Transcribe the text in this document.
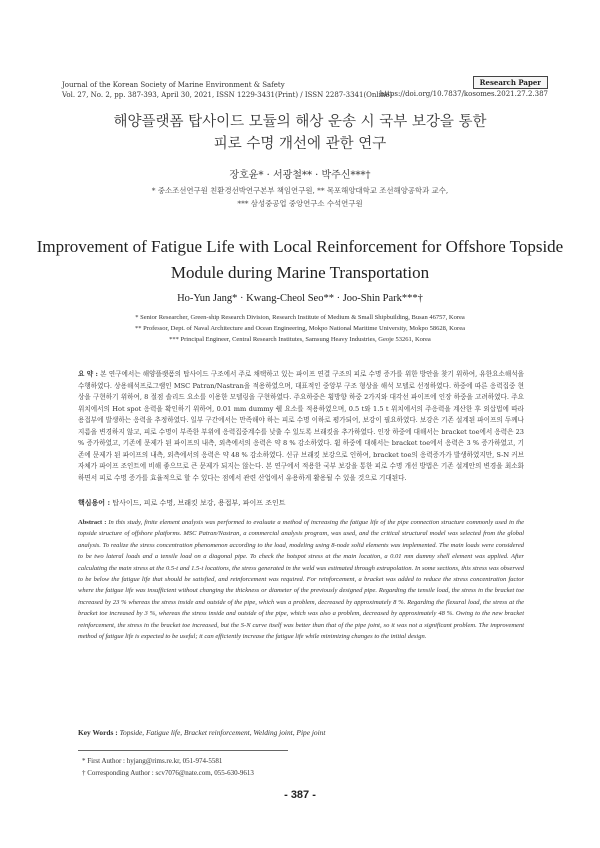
Journal of the Korean Society of Marine Environment & Safety
Vol. 27, No. 2, pp. 387-393, April 30, 2021, ISSN 1229-3431(Print) / ISSN 2287-3341(Online)
Research Paper
https://doi.org/10.7837/kosomes.2021.27.2.387
해양플랫폼 탑사이드 모듈의 해상 운송 시 국부 보강을 통한
피로 수명 개선에 관한 연구
장호윤* · 서광철** · 박주신***†
* 중소조선연구원 친환경선박연구본부 책임연구원, ** 목포해양대학교 조선해양공학과 교수,
*** 삼성중공업 중앙연구소 수석연구원
Improvement of Fatigue Life with Local Reinforcement for Offshore Topside
Module during Marine Transportation
Ho-Yun Jang* · Kwang-Cheol Seo** · Joo-Shin Park***†
* Senior Researcher, Green-ship Research Division, Research Institute of Medium & Small Shipbuilding, Busan 46757, Korea
** Professor, Dept. of Naval Architecture and Ocean Engineering, Mokpo National Maritime University, Mokpo 58628, Korea
*** Principal Engineer, Central Research Institutes, Samsung Heavy Industries, Geoje 53261, Korea
요 약 : 본 연구에서는 해양플랫폼의 탑사이드 구조에서 주로 채택하고 있는 파이프 연결 구조의 피로 수명 증가를 위한 방안을 찾기 위하여, 유한요소해석을 수행하였다. 상용해석프로그램인 MSC Patran/Nastran을 적용하였으며, 대표적인 중앙부 구조 형상을 해석 모델로 선정하였다. 하중에 따른 응력집중 현상을 구현하기 위하여, 8 절점 솔리드 요소를 이용한 모델링을 구현하였다. 주요하중은 횡방향 하중 2가지와 대각선 파이프에 인장 하중을 고려하였다. 주요 위치에서의 Hot spot 응력을 확인하기 위하여, 0.01 mm dummy 쉘 요소를 적용하였으며, 0.5 t와 1.5 t 위치에서의 주응력을 계산한 후 외삽법에 따라 용접부에 발생하는 응력을 추정하였다. 일부 구간에서는 만족해야 하는 피로 수명 이하로 평가되어, 보강이 필요하였다. 보강은 기존 설계된 파이프의 두께나 지름을 변경하지 않고, 피로 수명이 부족한 부위에 응력집중계수를 낮출 수 있도록 브래킷을 추가하였다. 인장 하중에 대해서는 bracket toe에서 응력은 23 % 증가하였고, 기존에 문제가 된 파이프의 내측, 외측에서의 응력은 약 8 % 감소하였다. 휨 하중에 대해서는 bracket toe에서 응력은 3 % 증가하였고, 기존에 문제가 된 파이프의 내측, 외측에서의 응력은 약 48 % 감소하였다. 신규 브래킷 보강으로 인하여, bracket toe의 응력증가가 발생하였지만, S-N 커브 자체가 파이프 조인트에 비해 좋으므로 큰 문제가 되지는 않는다. 본 연구에서 적용한 국부 보강을 통한 피로 수명 개선 방법은 기존 설계안의 변경을 최소화하면서 피로 수명 증가를 효율적으로 할 수 있다는 점에서 관련 산업에서 유용하게 활용될 수 있을 것으로 기대된다.
핵심용어 : 탑사이드, 피로 수명, 브래킷 보강, 용접부, 파이프 조인트
Abstract : In this study, finite element analysis was performed to evaluate a method of increasing the fatigue life of the pipe connection structure commonly used in the topside structure of offshore platforms. MSC Patran/Nastran, a commercial analysis program, was used, and the critical structural model was selected from the global analysis. To realize the stress concentration phenomenon according to the load, modeling using 8-node solid elements was implemented. The main loads were considered to be two lateral loads and a tensile load on a diagonal pipe. To check the hotspot stress at the main location, a 0.01 mm dummy shell element was applied. After calculating the main stress at the 0.5-t and 1.5-t locations, the stress generated in the weld was estimated through extrapolation. In some sections, this stress was observed to be below the fatigue life that should be satisfied, and reinforcement was required. For reinforcement, a bracket was added to reduce the stress concentration factor where the fatigue life was insufficient without changing the thickness or diameter of the previously designed pipe. Regarding the tensile load, the stress in the bracket toe increased by 23 % whereas the stress inside and outside of the pipe, which was a problem, decreased by approximately 8 %. Regarding the flexural load, the stress at the bracket toe increased by 3 %, whereas the stress inside and outside of the pipe, which was also a problem, decreased by approximately 48 %. Owing to the new bracket reinforcement, the stress in the bracket toe increased, but the S-N curve itself was better than that of the pipe joint, so it was not a significant problem. The improvement method of fatigue life is expected to be useful; it can efficiently increase the fatigue life while minimizing changes to the initial design.
Key Words : Topside, Fatigue life, Bracket reinforcement, Welding joint, Pipe joint
* First Author : hyjang@rims.re.kr, 051-974-5581
† Corresponding Author : scv7076@nate.com, 055-630-9613
- 387 -
